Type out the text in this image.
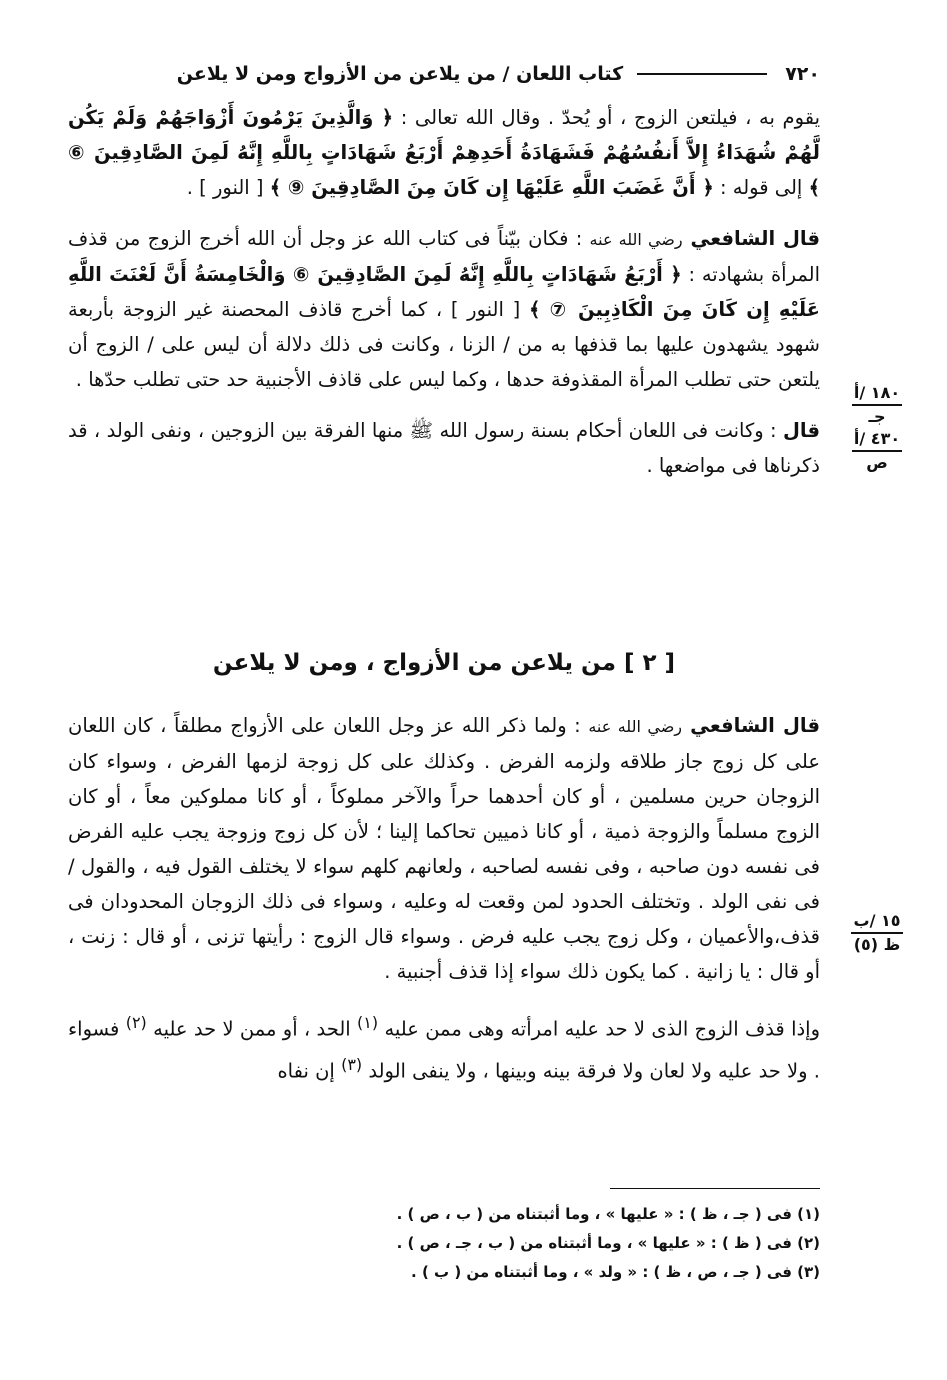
٧٢٠
كتاب اللعان / من يلاعن من الأزواج ومن لا يلاعن

يقوم به ، فيلتعن الزوج ، أو يُحدّ . وقال الله تعالى : ﴿ وَالَّذِينَ يَرْمُونَ أَزْوَاجَهُمْ وَلَمْ يَكُن لَّهُمْ شُهَدَاءُ إِلاَّ أَنفُسُهُمْ فَشَهَادَةُ أَحَدِهِمْ أَرْبَعُ شَهَادَاتٍ بِاللَّهِ إِنَّهُ لَمِنَ الصَّادِقِينَ ⑥ ﴾ إلى قوله : ﴿ أَنَّ غَضَبَ اللَّهِ عَلَيْهَا إِن كَانَ مِنَ الصَّادِقِينَ ⑨ ﴾ [ النور ] .

قال الشافعي رضي الله عنه : فكان بيّناً فى كتاب الله عز وجل أن الله أخرج الزوج من قذف المرأة بشهادته : ﴿ أَرْبَعُ شَهَادَاتٍ بِاللَّهِ إِنَّهُ لَمِنَ الصَّادِقِينَ ⑥ وَالْخَامِسَةُ أَنَّ لَعْنَتَ اللَّهِ عَلَيْهِ إِن كَانَ مِنَ الْكَاذِبِينَ ⑦ ﴾ [ النور ] ، كما أخرج قاذف المحصنة غير الزوجة بأربعة شهود يشهدون عليها بما قذفها به من / الزنا ، وكانت فى ذلك دلالة أن ليس على / الزوج أن يلتعن حتى تطلب المرأة المقذوفة حدها ، وكما ليس على قاذف الأجنبية حد حتى تطلب حدّها .

قال : وكانت فى اللعان أحكام بسنة رسول الله ﷺ منها الفرقة بين الزوجين ، ونفى الولد ، قد ذكرناها فى مواضعها .

[ ٢ ] من يلاعن من الأزواج ، ومن لا يلاعن

قال الشافعي رضي الله عنه : ولما ذكر الله عز وجل اللعان على الأزواج مطلقاً ، كان اللعان على كل زوج جاز طلاقه ولزمه الفرض . وكذلك على كل زوجة لزمها الفرض ، وسواء كان الزوجان حرين مسلمين ، أو كان أحدهما حراً والآخر مملوكاً ، أو كانا مملوكين معاً ، أو كان الزوج مسلماً والزوجة ذمية ، أو كانا ذميين تحاكما إلينا ؛ لأن كل زوج وزوجة يجب عليه الفرض فى نفسه دون صاحبه ، وفى نفسه لصاحبه ، ولعانهم كلهم سواء لا يختلف القول فيه ، والقول / فى نفى الولد . وتختلف الحدود لمن وقعت له وعليه ، وسواء فى ذلك الزوجان المحدودان فى قذف،والأعميان ، وكل زوج يجب عليه فرض . وسواء قال الزوج : رأيتها تزنى ، أو قال : زنت ، أو قال : يا زانية . كما يكون ذلك سواء إذا قذف أجنبية .

وإذا قذف الزوج الذى لا حد عليه امرأته وهى ممن عليه $^{(١)}$ الحد ، أو ممن لا حد عليه $^{(٢)}$ فسواء . ولا حد عليه ولا لعان ولا فرقة بينه وبينها ، ولا ينفى الولد $^{(٣)}$ إن نفاه

١٨٠ /أ
جـ
٤٣٠ /أ
ص
١٥ /ب
ظ (٥)
(١) فى ( جـ ، ظ ) : « عليها » ، وما أثبتناه من ( ب ، ص ) .
(٢) فى ( ظ ) : « عليها » ، وما أثبتناه من ( ب ، جـ ، ص ) .
(٣) فى ( جـ ، ص ، ظ ) : « ولد » ، وما أثبتناه من ( ب ) .
